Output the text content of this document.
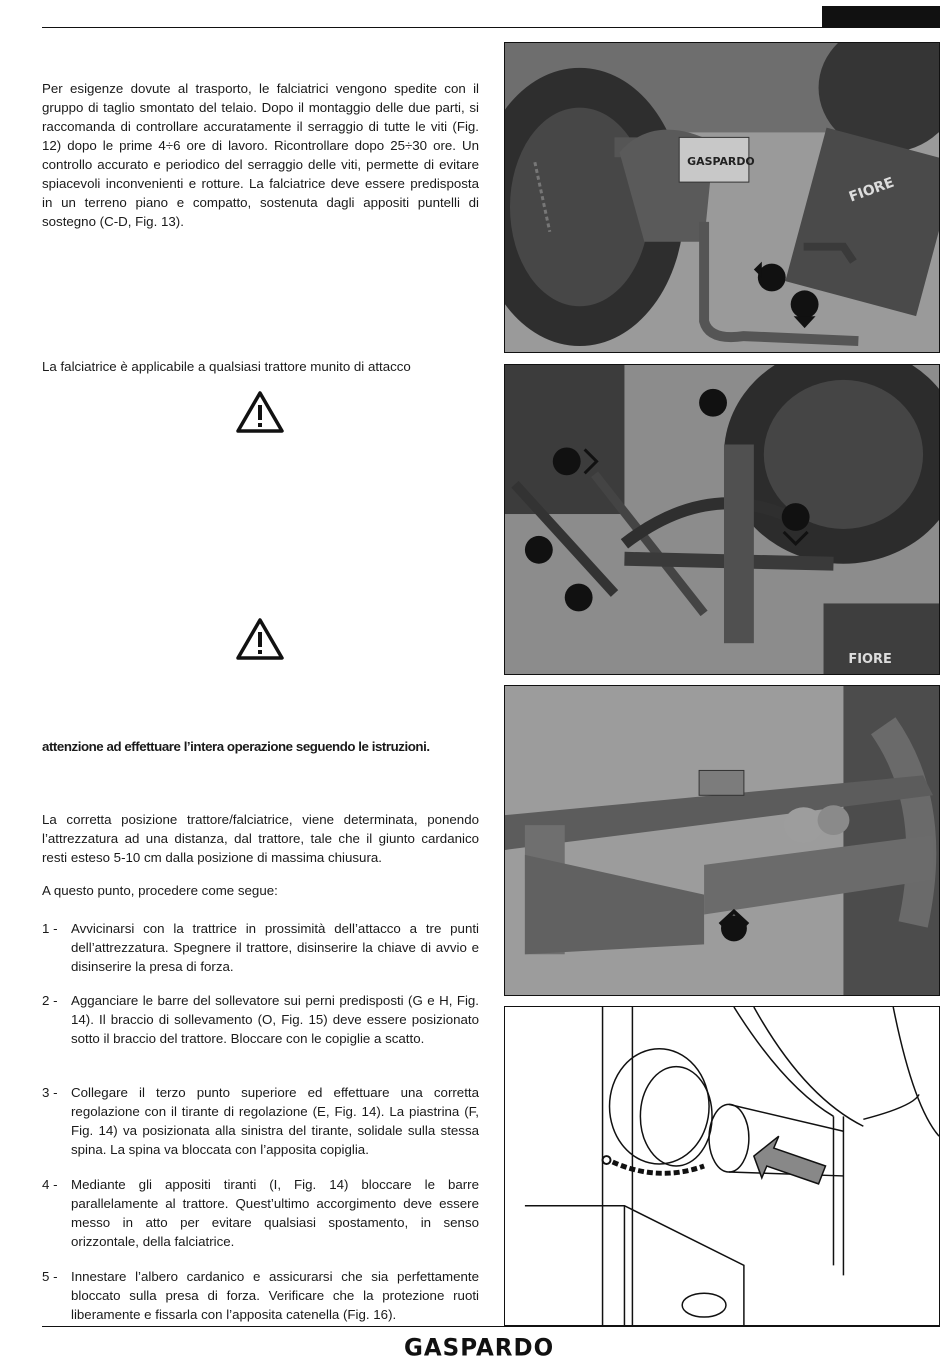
Per esigenze dovute al trasporto, le falciatrici vengono spedite con il gruppo di taglio smontato del telaio. Dopo il montaggio delle due parti, si raccomanda di controllare accuratamente il serraggio di tutte le viti (Fig. 12) dopo le prime 4÷6 ore di lavoro. Ricontrollare dopo 25÷30 ore. Un controllo accurato e periodico del serraggio delle viti, permette di evitare spiacevoli inconvenienti e rotture. La falciatrice deve essere predisposta in un terreno piano e compatto, sostenuta dagli appositi puntelli di sostegno (C-D, Fig. 13).

La falciatrice è applicabile a qualsiasi trattore munito di attacco

attenzione ad effettuare l’intera operazione seguendo le istruzioni.

La corretta posizione trattore/falciatrice, viene determinata, ponendo l’attrezzatura ad una distanza, dal trattore, tale che il giunto cardanico resti esteso 5-10 cm dalla posizione di massima chiusura.

A questo punto, procedere come segue:

1 -	Avvicinarsi con la trattrice in prossimità dell’attacco a tre punti dell’attrezzatura. Spegnere il trattore, disinserire la chiave di avvio e disinserire la presa di forza.
2 -	Agganciare le barre del sollevatore sui perni predisposti (G e H, Fig. 14). Il braccio di sollevamento (O, Fig. 15) deve essere posizionato sotto il braccio del trattore. Bloccare con le copiglie a scatto.
3 -	Collegare il terzo punto superiore ed effettuare una corretta regolazione con il tirante di regolazione (E, Fig. 14). La piastrina (F, Fig. 14) va posizionata alla sinistra del tirante, solidale sulla stessa spina. La spina va bloccata con l’apposita copiglia.
4 -	Mediante gli appositi tiranti (I, Fig. 14) bloccare le barre parallelamente al trattore. Quest’ultimo accorgimento deve essere messo in atto per evitare qualsiasi spostamento, in senso orizzontale, della falciatrice.
5 -	Innestare l’albero cardanico e assicurarsi che sia perfettamente bloccato sulla presa di forza. Verificare che la protezione ruoti liberamente e fissarla con l’apposita catenella (Fig. 16).
GASPARDO
FIORE
FIORE
GASPARDO
